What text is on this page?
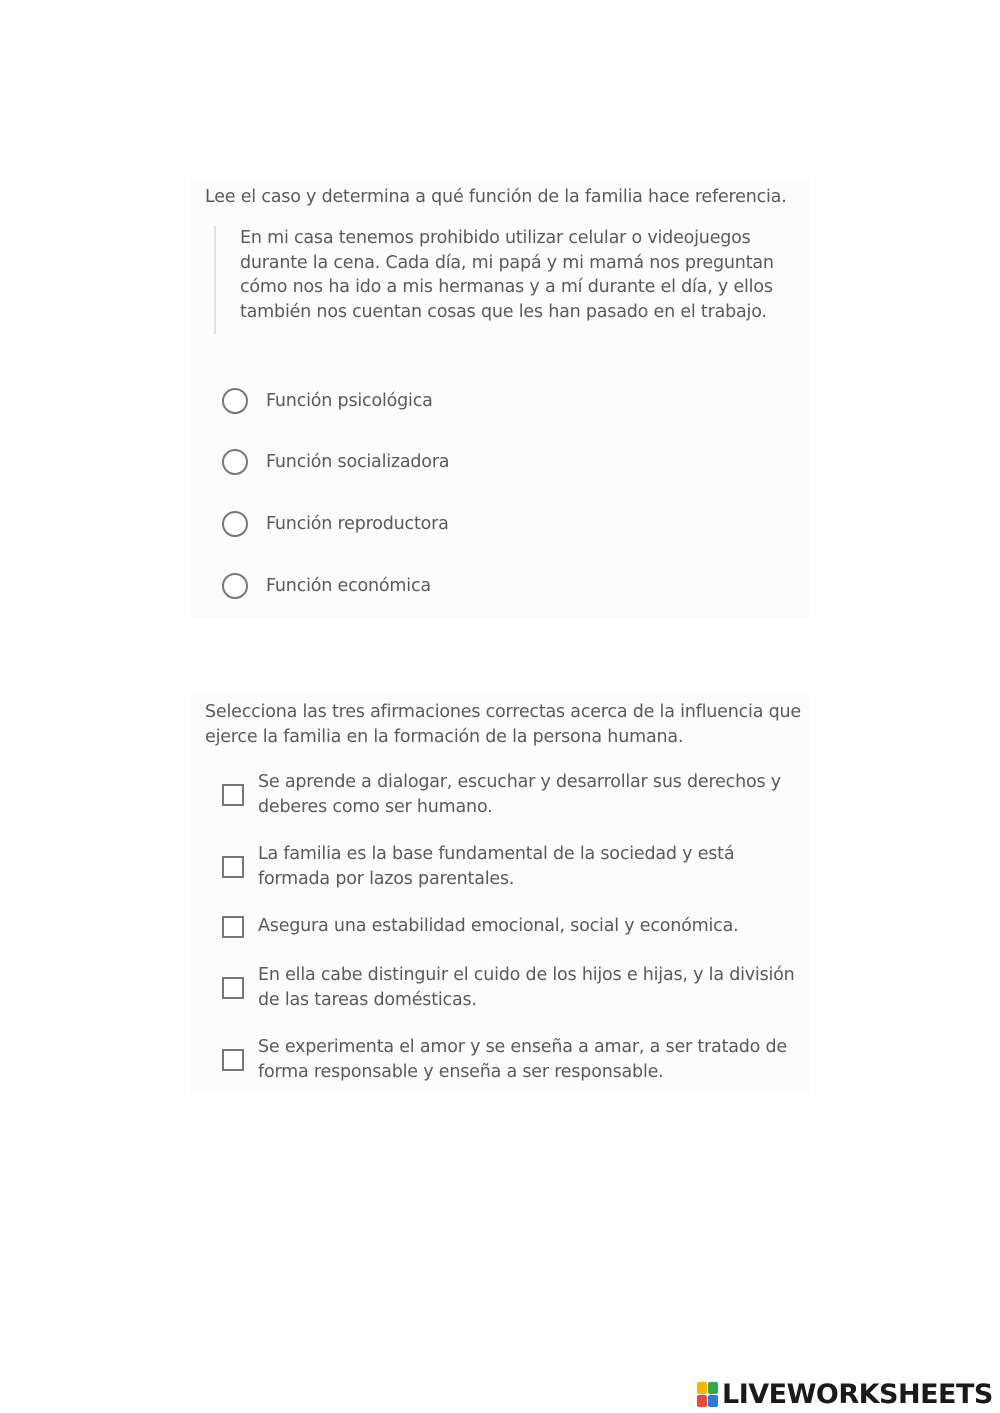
Lee el caso y determina a qué función de la familia hace referencia.
En mi casa tenemos prohibido utilizar celular o videojuegos
durante la cena. Cada día, mi papá y mi mamá nos preguntan
cómo nos ha ido a mis hermanas y a mí durante el día, y ellos
también nos cuentan cosas que les han pasado en el trabajo.
Función psicológica
Función socializadora
Función reproductora
Función económica
Selecciona las tres afirmaciones correctas acerca de la influencia que
ejerce la familia en la formación de la persona humana.
Se aprende a dialogar, escuchar y desarrollar sus derechos y
deberes como ser humano.
La familia es la base fundamental de la sociedad y está
formada por lazos parentales.
Asegura una estabilidad emocional, social y económica.
En ella cabe distinguir el cuido de los hijos e hijas, y la división
de las tareas domésticas.
Se experimenta el amor y se enseña a amar, a ser tratado de
forma responsable y enseña a ser responsable.
LIVEWORKSHEETS
